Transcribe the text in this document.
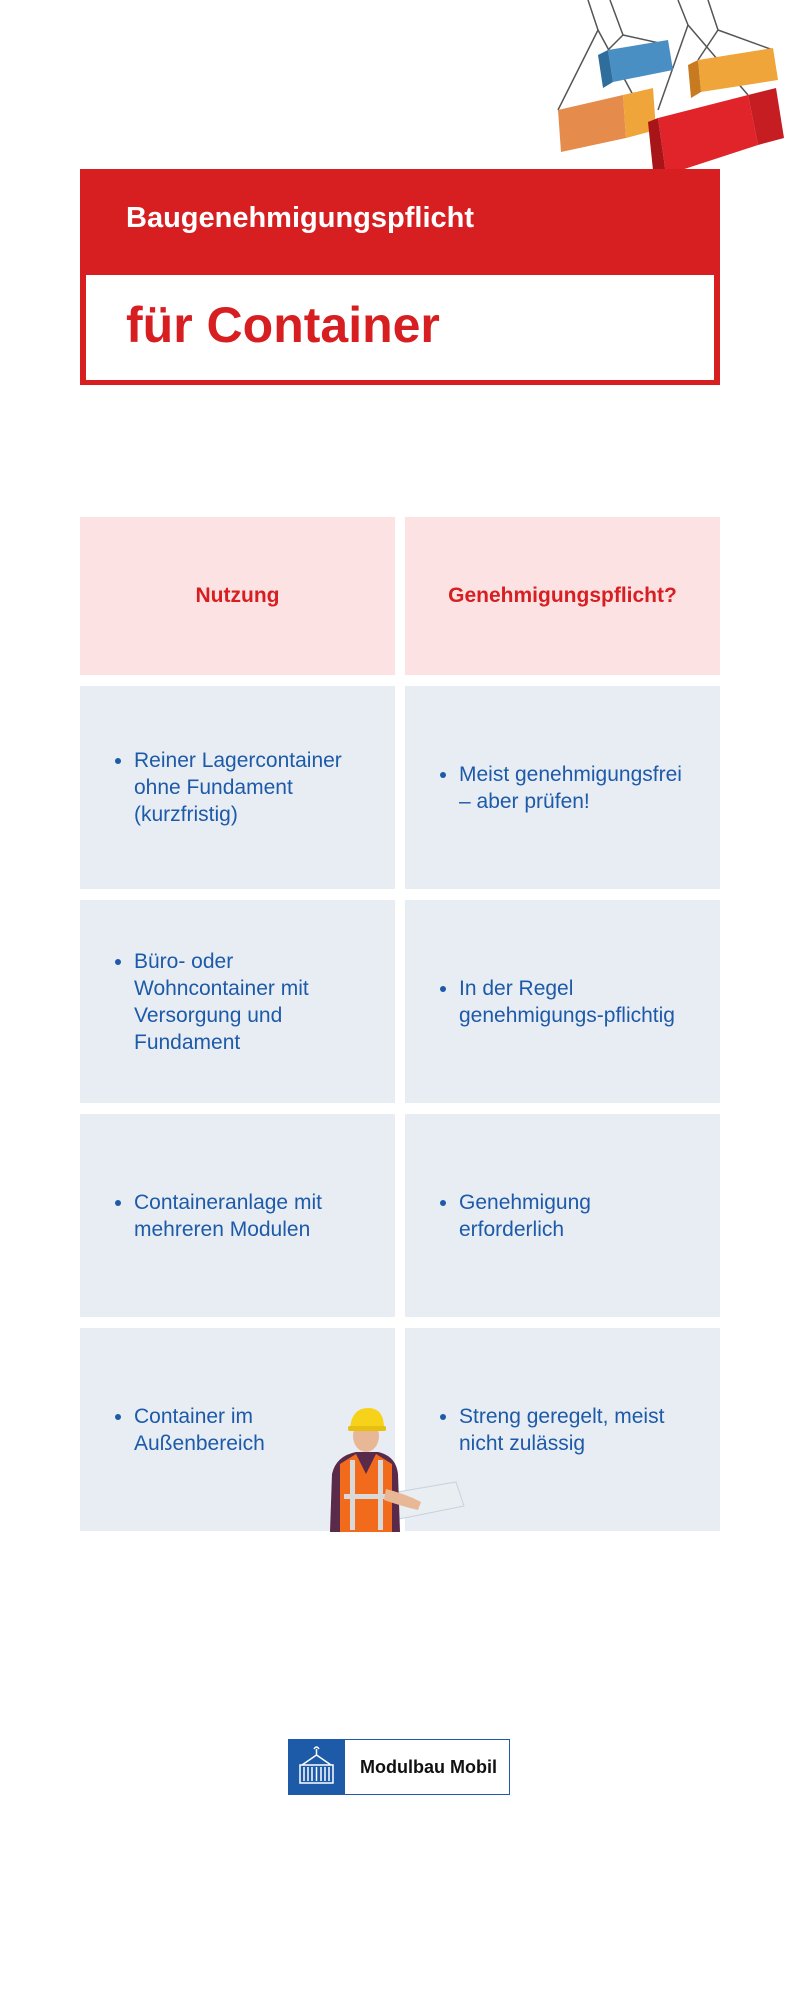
Baugenehmigungspflicht
für Container
Nutzung	Genehmigungspflicht?
• Reiner Lagercontainer ohne Fundament (kurzfristig)
• Meist genehmigungsfrei – aber prüfen!
• Büro- oder Wohncontainer mit Versorgung und Fundament
• In der Regel genehmigungs-pflichtig
• Containeranlage mit mehreren Modulen
• Genehmigung erforderlich
• Container im Außenbereich
• Streng geregelt, meist nicht zulässig
Modulbau Mobil
